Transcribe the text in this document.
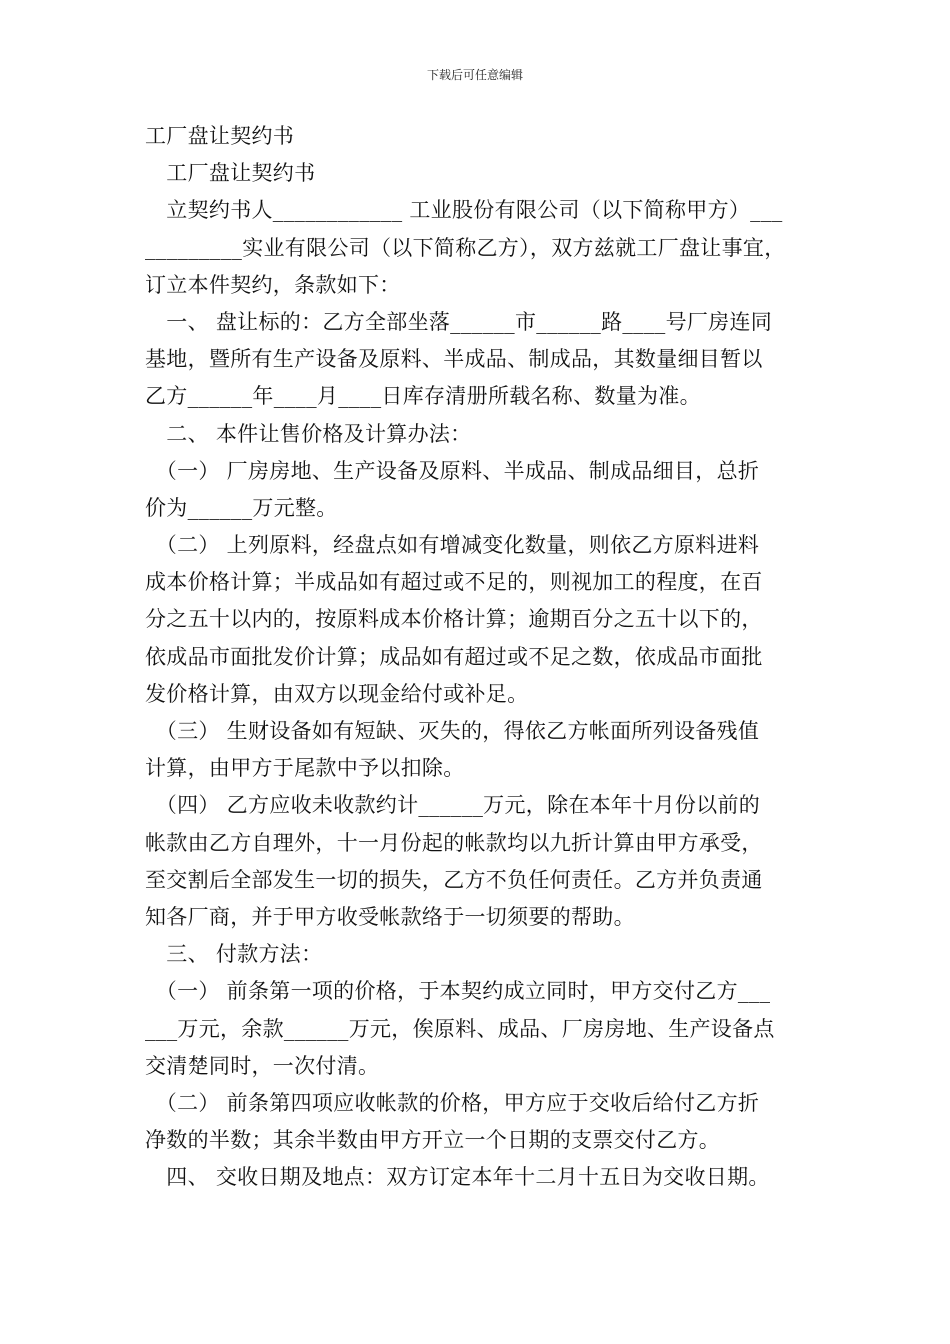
下载后可任意编辑
工厂盘让契约书
　工厂盘让契约书
　立契约书人____________ 工业股份有限公司（以下简称甲方）___
_________实业有限公司（以下简称乙方），双方兹就工厂盘让事宜，
订立本件契约，条款如下：
　一、 盘让标的：乙方全部坐落______市______路____号厂房连同
基地，暨所有生产设备及原料、半成品、制成品，其数量细目暂以
乙方______年____月____日库存清册所载名称、数量为准。
　二、 本件让售价格及计算办法：
　（一） 厂房房地、生产设备及原料、半成品、制成品细目，总折
价为______万元整。
　（二） 上列原料，经盘点如有增减变化数量，则依乙方原料进料
成本价格计算；半成品如有超过或不足的，则视加工的程度，在百
分之五十以内的，按原料成本价格计算；逾期百分之五十以下的，
依成品市面批发价计算；成品如有超过或不足之数，依成品市面批
发价格计算，由双方以现金给付或补足。
　（三） 生财设备如有短缺、灭失的，得依乙方帐面所列设备残值
计算，由甲方于尾款中予以扣除。
　（四） 乙方应收未收款约计______万元，除在本年十月份以前的
帐款由乙方自理外，十一月份起的帐款均以九折计算由甲方承受，
至交割后全部发生一切的损失，乙方不负任何责任。乙方并负责通
知各厂商，并于甲方收受帐款络于一切须要的帮助。
　三、 付款方法：
　（一） 前条第一项的价格，于本契约成立同时，甲方交付乙方___
___万元，余款______万元，俟原料、成品、厂房房地、生产设备点
交清楚同时，一次付清。
　（二） 前条第四项应收帐款的价格，甲方应于交收后给付乙方折
净数的半数；其余半数由甲方开立一个日期的支票交付乙方。
　四、 交收日期及地点：双方订定本年十二月十五日为交收日期。
